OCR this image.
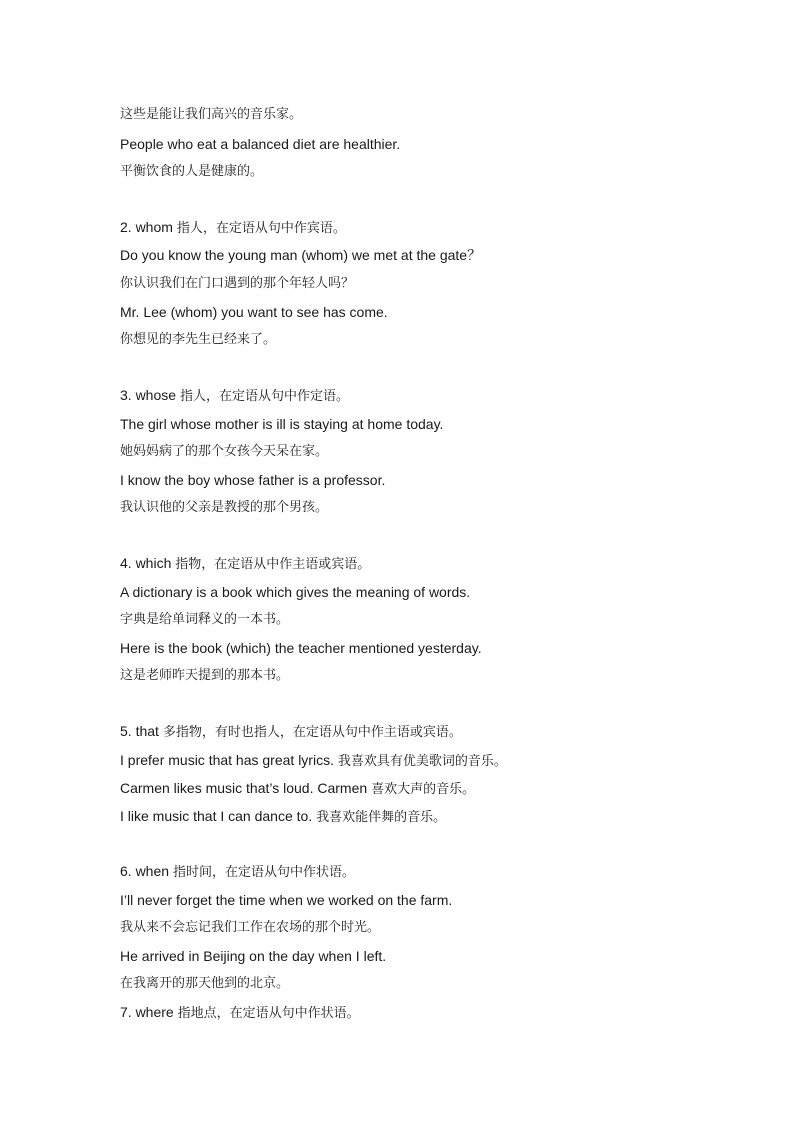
这些是能让我们高兴的音乐家。
People who eat a balanced diet are healthier.
平衡饮食的人是健康的。
2. whom 指人，在定语从句中作宾语。
Do you know the young man (whom) we met at the gate？
你认识我们在门口遇到的那个年轻人吗？
Mr. Lee (whom) you want to see has come.
你想见的李先生已经来了。
3. whose 指人，在定语从句中作定语。
The girl whose mother is ill is staying at home today.
她妈妈病了的那个女孩今天呆在家。
I know the boy whose father is a professor.
我认识他的父亲是教授的那个男孩。
4. which 指物，在定语从中作主语或宾语。
A dictionary is a book which gives the meaning of words.
字典是给单词释义的一本书。
Here is the book (which) the teacher mentioned yesterday.
这是老师昨天提到的那本书。
5. that 多指物，有时也指人，在定语从句中作主语或宾语。
I prefer music that has great lyrics. 我喜欢具有优美歌词的音乐。
Carmen likes music that’s loud. Carmen 喜欢大声的音乐。
I like music that I can dance to. 我喜欢能伴舞的音乐。
6. when 指时间，在定语从句中作状语。
I’ll never forget the time when we worked on the farm.
我从来不会忘记我们工作在农场的那个时光。
He arrived in Beijing on the day when I left.
在我离开的那天他到的北京。
7. where 指地点，在定语从句中作状语。
